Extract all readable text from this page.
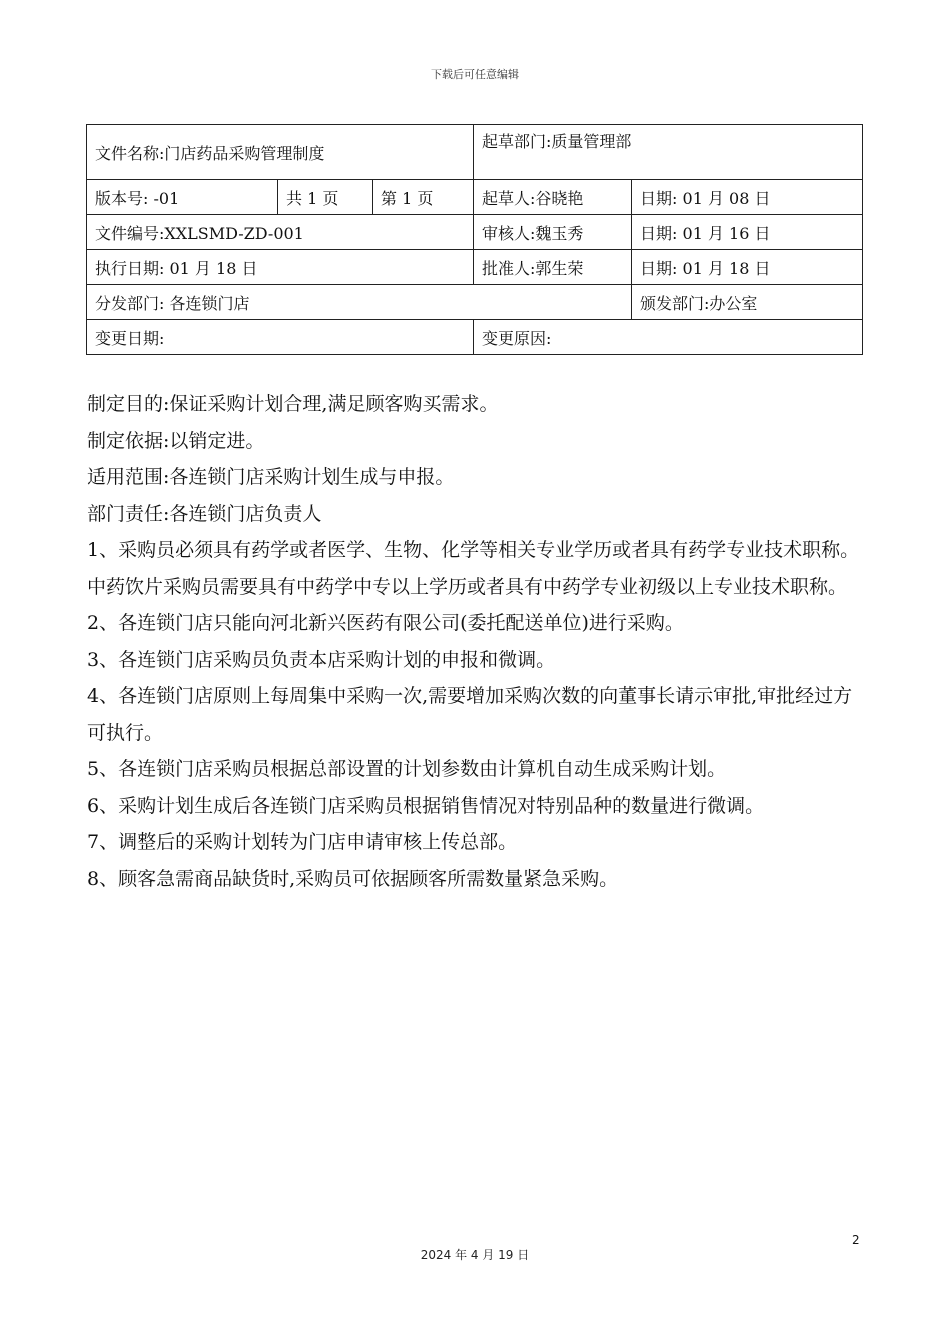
下载后可任意编辑
文件名称:门店药品采购管理制度			起草部门:质量管理部	
版本号: -01	共 1 页	第 1 页	起草人:谷晓艳	日期: 01 月 08 日
文件编号:XXLSMD-ZD-001			审核人:魏玉秀	日期: 01 月 16 日
执行日期: 01 月 18 日			批准人:郭生荣	日期: 01 月 18 日
分发部门: 各连锁门店				颁发部门:办公室
变更日期:			变更原因:	

制定目的:保证采购计划合理,满足顾客购买需求。

制定依据:以销定进。

适用范围:各连锁门店采购计划生成与申报。

部门责任:各连锁门店负责人

1、采购员必须具有药学或者医学、生物、化学等相关专业学历或者具有药学专业技术职称。中药饮片采购员需要具有中药学中专以上学历或者具有中药学专业初级以上专业技术职称。

2、各连锁门店只能向河北新兴医药有限公司(委托配送单位)进行采购。

3、各连锁门店采购员负责本店采购计划的申报和微调。

4、各连锁门店原则上每周集中采购一次,需要增加采购次数的向董事长请示审批,审批经过方可执行。

5、各连锁门店采购员根据总部设置的计划参数由计算机自动生成采购计划。

6、采购计划生成后各连锁门店采购员根据销售情况对特别品种的数量进行微调。

7、调整后的采购计划转为门店申请审核上传总部。

8、顾客急需商品缺货时,采购员可依据顾客所需数量紧急采购。

2
2024 年 4 月 19 日
